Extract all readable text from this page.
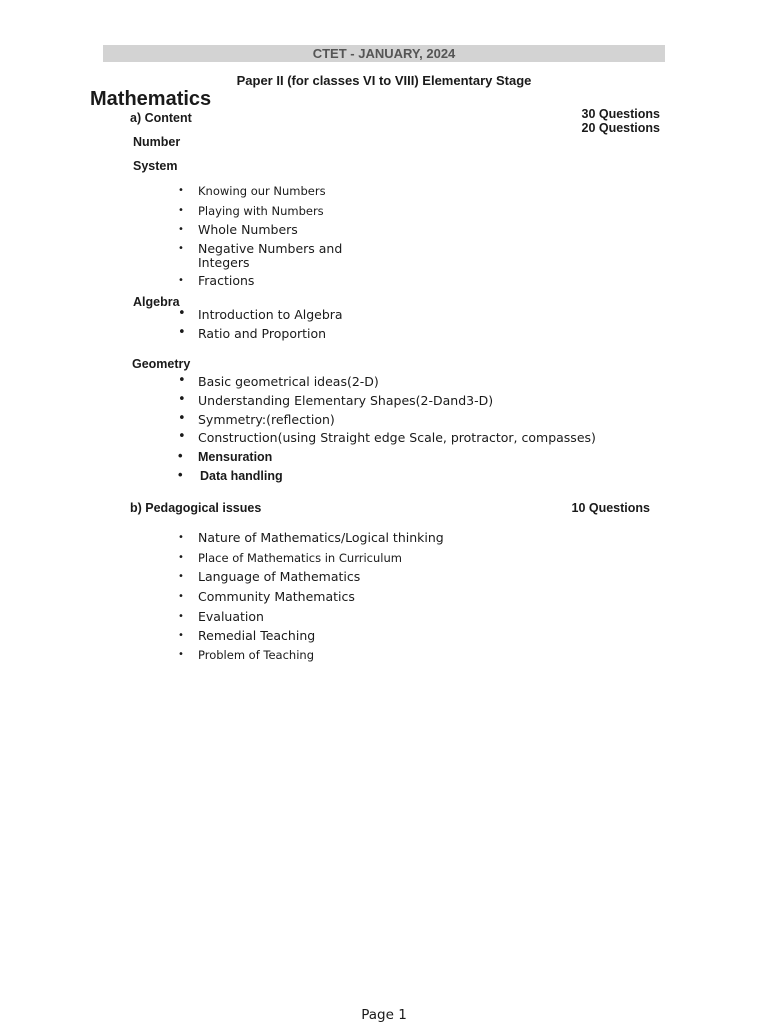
CTET - JANUARY, 2024
Paper II (for classes VI to VIII) Elementary Stage
Mathematics
a) Content	30 Questions
20 Questions
Number
System
• Knowing our Numbers
• Playing with Numbers
• Whole Numbers
• Negative Numbers and
Integers
• Fractions
Algebra
• Introduction to Algebra
• Ratio and Proportion
Geometry
• Basic geometrical ideas(2-D)
• Understanding Elementary Shapes(2-Dand3-D)
• Symmetry:(reflection)
• Construction(using Straight edge Scale, protractor, compasses)
• Mensuration
• Data handling
b) Pedagogical issues	10 Questions
• Nature of Mathematics/Logical thinking
• Place of Mathematics in Curriculum
• Language of Mathematics
• Community Mathematics
• Evaluation
• Remedial Teaching
• Problem of Teaching
Page 1
